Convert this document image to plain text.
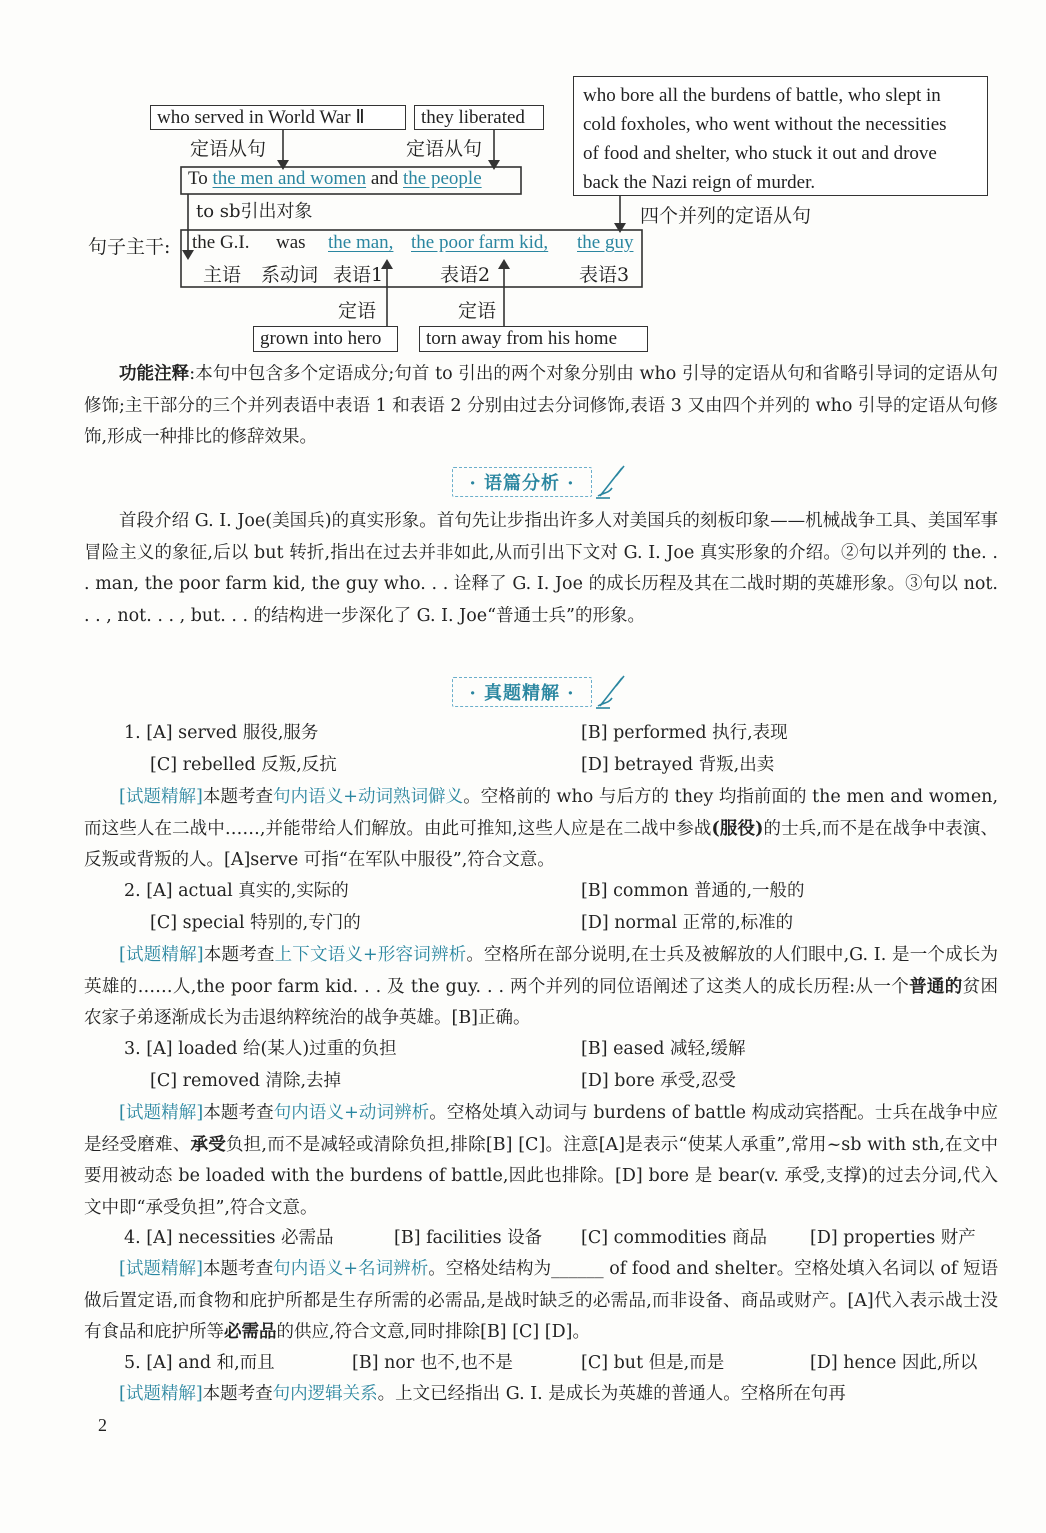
who served in World War Ⅱ	they liberated
who bore all the burdens of battle, who slept in
cold foxholes, who went without the necessities
of food and shelter, who stuck it out and drove
back the Nazi reign of murder.
定语从句	定语从句
To the men and women and the people
to sb引出对象	四个并列的定语从句
句子主干: the G.I. was the man, the poor farm kid, the guy
主语 系动词 表语1	表语2	表语3
定语	定语
grown into hero	torn away from his home

功能注释:本句中包含多个定语成分;句首 to 引出的两个对象分别由 who 引导的定语从句和省略引导词的定语从句修饰;主干部分的三个并列表语中表语 1 和表语 2 分别由过去分词修饰,表语 3 又由四个并列的 who 引导的定语从句修饰,形成一种排比的修辞效果。

· 语篇分析 ·

首段介绍 G. I. Joe(美国兵)的真实形象。首句先让步指出许多人对美国兵的刻板印象——机械战争工具、美国军事冒险主义的象征,后以 but 转折,指出在过去并非如此,从而引出下文对 G. I. Joe 真实形象的介绍。②句以并列的 the. . . man, the poor farm kid, the guy who. . . 诠释了 G. I. Joe 的成长历程及其在二战时期的英雄形象。③句以 not. . . , not. . . , but. . . 的结构进一步深化了 G. I. Joe“普通士兵”的形象。

· 真题精解 ·
1. [A] served 服役,服务	[B] performed 执行,表现
[C] rebelled 反叛,反抗	[D] betrayed 背叛,出卖

[试题精解]本题考查句内语义+动词熟词僻义。空格前的 who 与后方的 they 均指前面的 the men and women,而这些人在二战中……,并能带给人们解放。由此可推知,这些人应是在二战中参战(服役)的士兵,而不是在战争中表演、反叛或背叛的人。[A]serve 可指“在军队中服役”,符合文意。

2. [A] actual 真实的,实际的	[B] common 普通的,一般的
[C] special 特别的,专门的	[D] normal 正常的,标准的

[试题精解]本题考查上下文语义+形容词辨析。空格所在部分说明,在士兵及被解放的人们眼中,G. I. 是一个成长为英雄的……人,the poor farm kid. . . 及 the guy. . . 两个并列的同位语阐述了这类人的成长历程:从一个普通的贫困农家子弟逐渐成长为击退纳粹统治的战争英雄。[B]正确。

3. [A] loaded 给(某人)过重的负担	[B] eased 减轻,缓解
[C] removed 清除,去掉	[D] bore 承受,忍受

[试题精解]本题考查句内语义+动词辨析。空格处填入动词与 burdens of battle 构成动宾搭配。士兵在战争中应是经受磨难、承受负担,而不是减轻或清除负担,排除[B] [C]。注意[A]是表示“使某人承重”,常用~sb with sth,在文中要用被动态 be loaded with the burdens of battle,因此也排除。[D] bore 是 bear(v. 承受,支撑)的过去分词,代入文中即“承受负担”,符合文意。

4. [A] necessities 必需品	[B] facilities 设备 [C] commodities 商品 [D] properties 财产

[试题精解]本题考查句内语义+名词辨析。空格处结构为______ of food and shelter。空格处填入名词以 of 短语做后置定语,而食物和庇护所都是生存所需的必需品,是战时缺乏的必需品,而非设备、商品或财产。[A]代入表示战士没有食品和庇护所等必需品的供应,符合文意,同时排除[B] [C] [D]。

5. [A] and 和,而且	[B] nor 也不,也不是	[C] but 但是,而是	[D] hence 因此,所以

[试题精解]本题考查句内逻辑关系。上文已经指出 G. I. 是成长为英雄的普通人。空格所在句再

2
